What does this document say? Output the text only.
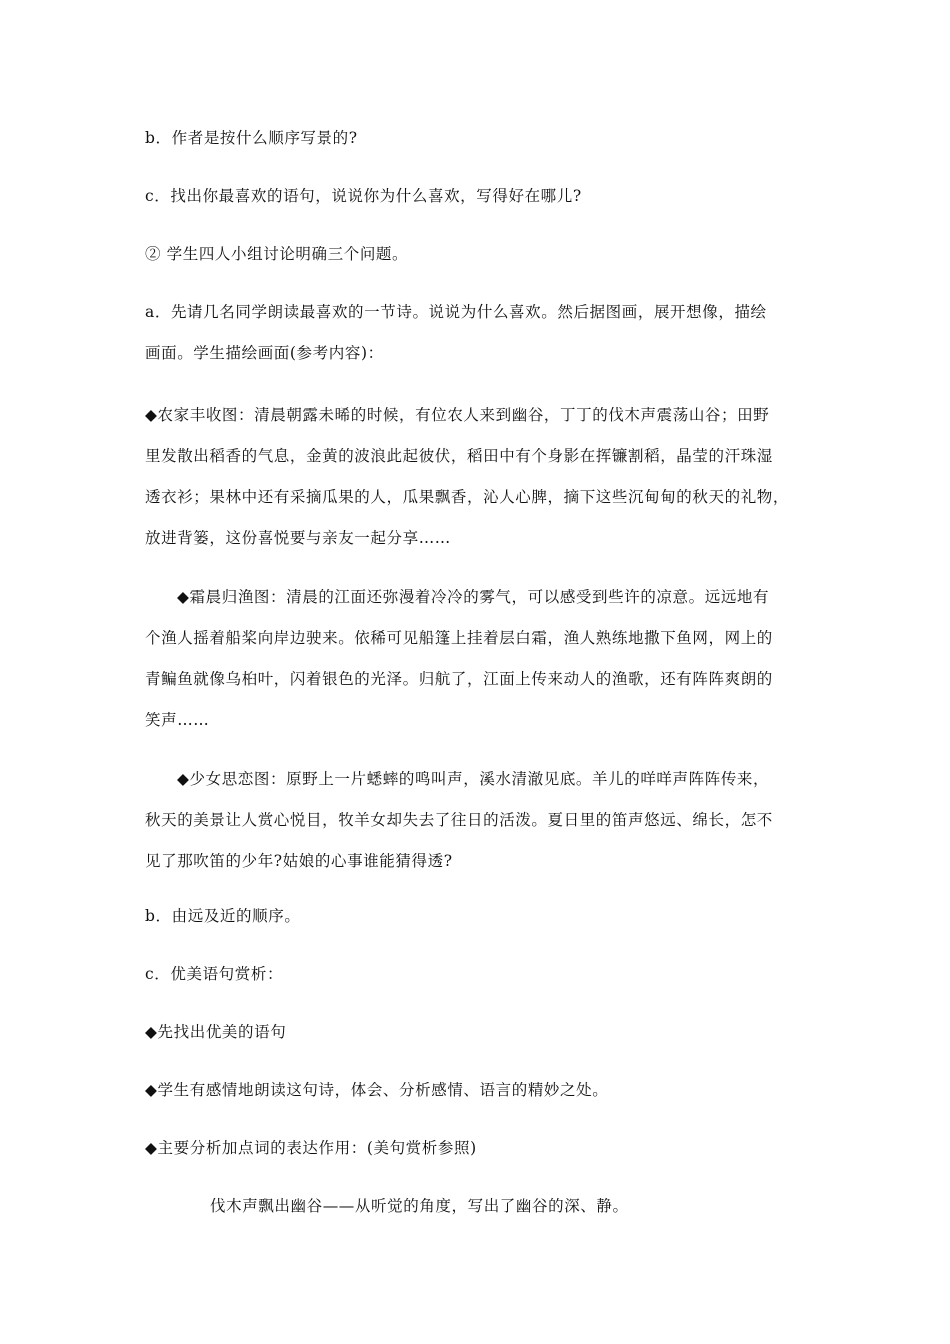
b．作者是按什么顺序写景的?
c．找出你最喜欢的语句，说说你为什么喜欢，写得好在哪儿?
② 学生四人小组讨论明确三个问题。
a．先请几名同学朗读最喜欢的一节诗。说说为什么喜欢。然后据图画，展开想像，描绘
画面。学生描绘画面(参考内容)：
◆农家丰收图：清晨朝露未晞的时候，有位农人来到幽谷，丁丁的伐木声震荡山谷；田野
里发散出稻香的气息，金黄的波浪此起彼伏，稻田中有个身影在挥镰割稻，晶莹的汗珠湿
透衣衫；果林中还有采摘瓜果的人，瓜果飘香，沁人心脾，摘下这些沉甸甸的秋天的礼物，
放进背篓，这份喜悦要与亲友一起分享……
◆霜晨归渔图：清晨的江面还弥漫着冷冷的雾气，可以感受到些许的凉意。远远地有
个渔人摇着船桨向岸边驶来。依稀可见船篷上挂着层白霜，渔人熟练地撒下鱼网，网上的
青鳊鱼就像乌桕叶，闪着银色的光泽。归航了，江面上传来动人的渔歌，还有阵阵爽朗的
笑声……
◆少女思恋图：原野上一片蟋蟀的鸣叫声，溪水清澈见底。羊儿的咩咩声阵阵传来，
秋天的美景让人赏心悦目，牧羊女却失去了往日的活泼。夏日里的笛声悠远、绵长，怎不
见了那吹笛的少年?姑娘的心事谁能猜得透?
b．由远及近的顺序。
c．优美语句赏析：
◆先找出优美的语句
◆学生有感情地朗读这句诗，体会、分析感情、语言的精妙之处。
◆主要分析加点词的表达作用：(美句赏析参照)
伐木声飘出幽谷——从听觉的角度，写出了幽谷的深、静。
